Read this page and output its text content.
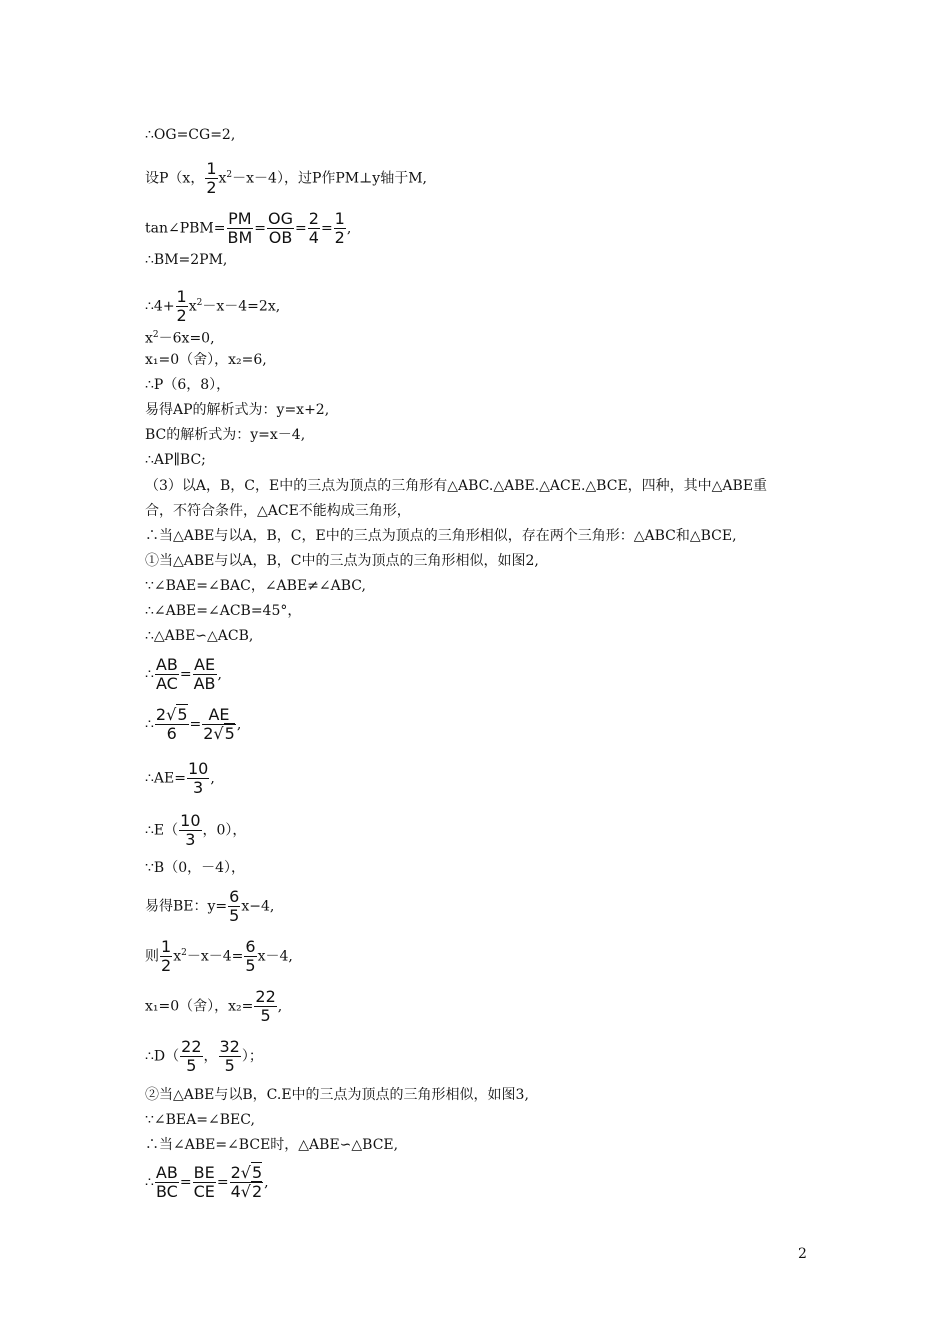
∴OG=CG=2,
设P（x， $\frac{1}{2} x^2-x-4$），过P作PM⊥y轴于M,
tan∠PBM= $\frac{PM}{BM} = \frac{OG}{OB} = \frac{2}{4} = \frac{1}{2}$ ,
∴BM=2PM,
∴4+ $\frac{1}{2} x^2-x-4=2x$,
$x^2-6x=0$,
x₁=0（舍），x₂=6,
∴P（6，8），
易得AP的解析式为：y=x+2,
BC的解析式为：y=x－4,
∴AP∥BC;
（3）以A，B，C，E中的三点为顶点的三角形有△ABC.△ABE.△ACE.△BCE，四种，其中△ABE重
合，不符合条件，△ACE不能构成三角形，
∴当△ABE与以A，B，C，E中的三点为顶点的三角形相似，存在两个三角形：△ABC和△BCE,
①当△ABE与以A，B，C中的三点为顶点的三角形相似，如图2,
∵∠BAE=∠BAC，∠ABE≠∠ABC,
∴∠ABE=∠ACB=45°，
∴△ABE∽△ACB,
∴ $\frac{AB}{AC} = \frac{AE}{AB}$ ,
∴ $\frac{2√5}{6} = \frac{AE}{2√5}$ ,
∴AE= $\frac{10}{3}$ ,
∴E（ $\frac{10}{3}$ ，0），
∵B（0，－4），
易得BE：$y= \frac{6}{5} x-4$,
则 $\frac{1}{2} x^2-x-4= \frac{6}{5} x-4$,
x₁=0（舍），$x_2= \frac{22}{5}$ ,
∴D（ $\frac{22}{5}$ ， $\frac{32}{5}$ ）；
②当△ABE与以B，C.E中的三点为顶点的三角形相似，如图3,
∵∠BEA=∠BEC,
∴当∠ABE=∠BCE时，△ABE∽△BCE,
∴ $\frac{AB}{BC} = \frac{BE}{CE} = \frac{2√5}{4√2}$ ,
2
